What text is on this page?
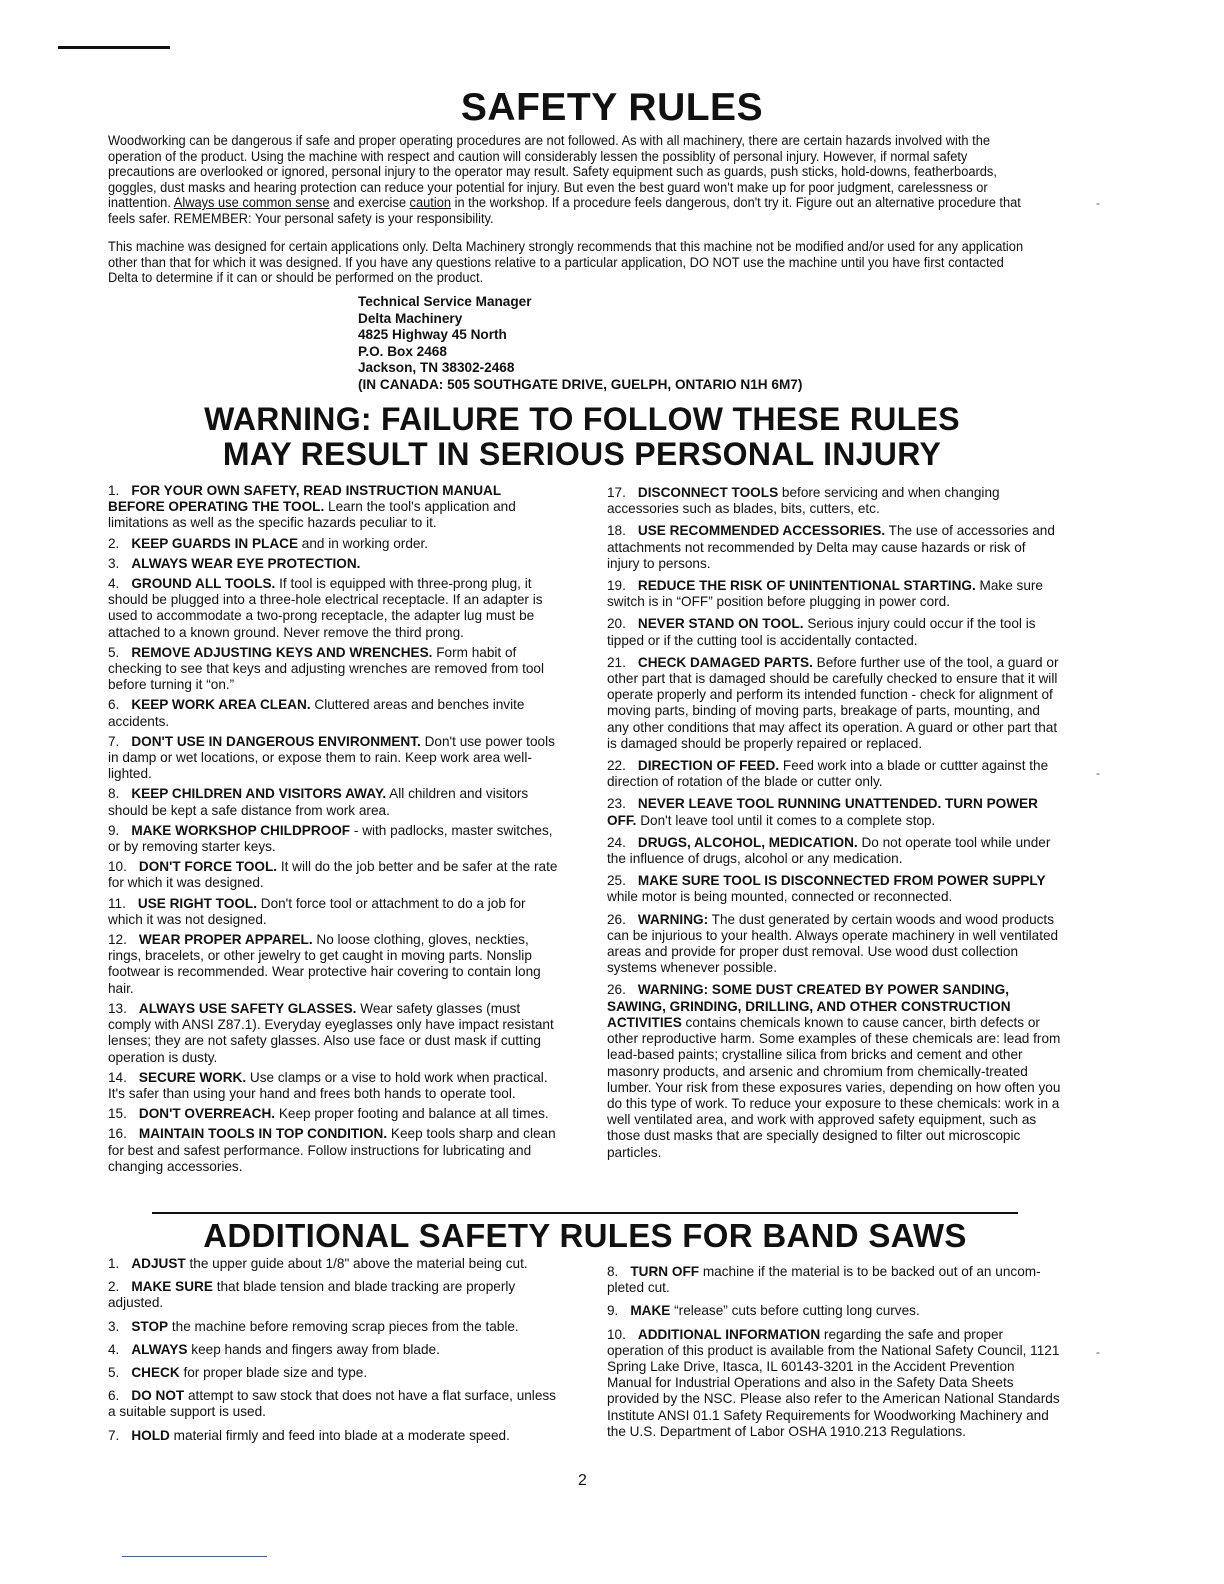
SAFETY RULES

Woodworking can be dangerous if safe and proper operating procedures are not followed. As with all machinery, there are certain hazards involved with the operation of the product. Using the machine with respect and caution will considerably lessen the possiblity of personal injury. However, if normal safety precautions are overlooked or ignored, personal injury to the operator may result. Safety equipment such as guards, push sticks, hold-downs, featherboards, goggles, dust masks and hearing protection can reduce your potential for injury. But even the best guard won't make up for poor judgment, carelessness or inattention. Always use common sense and exercise caution in the workshop. If a procedure feels dangerous, don't try it. Figure out an alternative procedure that feels safer. REMEMBER: Your personal safety is your responsibility.

This machine was designed for certain applications only. Delta Machinery strongly recommends that this machine not be modified and/or used for any application other than that for which it was designed. If you have any questions relative to a particular application, DO NOT use the machine until you have first contacted Delta to determine if it can or should be performed on the product.

Technical Service Manager
Delta Machinery
4825 Highway 45 North
P.O. Box 2468
Jackson, TN 38302-2468
(IN CANADA: 505 SOUTHGATE DRIVE, GUELPH, ONTARIO N1H 6M7)
WARNING: FAILURE TO FOLLOW THESE RULES
MAY RESULT IN SERIOUS PERSONAL INJURY

1. FOR YOUR OWN SAFETY, READ INSTRUCTION MANUAL BEFORE OPERATING THE TOOL. Learn the tool's application and limitations as well as the specific hazards peculiar to it.

2. KEEP GUARDS IN PLACE and in working order.

3. ALWAYS WEAR EYE PROTECTION.

4. GROUND ALL TOOLS. If tool is equipped with three-prong plug, it should be plugged into a three-hole electrical receptacle. If an adapter is used to accommodate a two-prong receptacle, the adapter lug must be attached to a known ground. Never remove the third prong.

5. REMOVE ADJUSTING KEYS AND WRENCHES. Form habit of checking to see that keys and adjusting wrenches are removed from tool before turning it “on.”

6. KEEP WORK AREA CLEAN. Cluttered areas and benches invite accidents.

7. DON'T USE IN DANGEROUS ENVIRONMENT. Don't use power tools in damp or wet locations, or expose them to rain. Keep work area well-lighted.

8. KEEP CHILDREN AND VISITORS AWAY. All children and visitors should be kept a safe distance from work area.

9. MAKE WORKSHOP CHILDPROOF - with padlocks, master switches, or by removing starter keys.

10. DON'T FORCE TOOL. It will do the job better and be safer at the rate for which it was designed.

11. USE RIGHT TOOL. Don't force tool or attachment to do a job for which it was not designed.

12. WEAR PROPER APPAREL. No loose clothing, gloves, neckties, rings, bracelets, or other jewelry to get caught in moving parts. Nonslip footwear is recommended. Wear protective hair covering to contain long hair.

13. ALWAYS USE SAFETY GLASSES. Wear safety glasses (must comply with ANSI Z87.1). Everyday eyeglasses only have impact resistant lenses; they are not safety glasses. Also use face or dust mask if cutting operation is dusty.

14. SECURE WORK. Use clamps or a vise to hold work when practical. It's safer than using your hand and frees both hands to operate tool.

15. DON'T OVERREACH. Keep proper footing and balance at all times.

16. MAINTAIN TOOLS IN TOP CONDITION. Keep tools sharp and clean for best and safest performance. Follow instructions for lubricating and changing accessories.

17. DISCONNECT TOOLS before servicing and when changing accessories such as blades, bits, cutters, etc.

18. USE RECOMMENDED ACCESSORIES. The use of accessories and attachments not recommended by Delta may cause hazards or risk of injury to persons.

19. REDUCE THE RISK OF UNINTENTIONAL STARTING. Make sure switch is in “OFF” position before plugging in power cord.

20. NEVER STAND ON TOOL. Serious injury could occur if the tool is tipped or if the cutting tool is accidentally contacted.

21. CHECK DAMAGED PARTS. Before further use of the tool, a guard or other part that is damaged should be carefully checked to ensure that it will operate properly and perform its intended function - check for alignment of moving parts, binding of moving parts, breakage of parts, mounting, and any other conditions that may affect its operation. A guard or other part that is damaged should be properly repaired or replaced.

22. DIRECTION OF FEED. Feed work into a blade or cuttter against the direction of rotation of the blade or cutter only.

23. NEVER LEAVE TOOL RUNNING UNATTENDED. TURN POWER OFF. Don't leave tool until it comes to a complete stop.

24. DRUGS, ALCOHOL, MEDICATION. Do not operate tool while under the influence of drugs, alcohol or any medication.

25. MAKE SURE TOOL IS DISCONNECTED FROM POWER SUPPLY while motor is being mounted, connected or reconnected.

26. WARNING: The dust generated by certain woods and wood products can be injurious to your health. Always operate machinery in well ventilated areas and provide for proper dust removal. Use wood dust collection systems whenever possible.

26. WARNING: SOME DUST CREATED BY POWER SANDING, SAWING, GRINDING, DRILLING, AND OTHER CONSTRUCTION ACTIVITIES contains chemicals known to cause cancer, birth defects or other reproductive harm. Some examples of these chemicals are: lead from lead-based paints; crystalline silica from bricks and cement and other masonry products, and arsenic and chromium from chemically-treated lumber. Your risk from these exposures varies, depending on how often you do this type of work. To reduce your exposure to these chemicals: work in a well ventilated area, and work with approved safety equipment, such as those dust masks that are specially designed to filter out microscopic particles.

ADDITIONAL SAFETY RULES FOR BAND SAWS

1. ADJUST the upper guide about 1/8" above the material being cut.

2. MAKE SURE that blade tension and blade tracking are properly adjusted.

3. STOP the machine before removing scrap pieces from the table.

4. ALWAYS keep hands and fingers away from blade.

5. CHECK for proper blade size and type.

6. DO NOT attempt to saw stock that does not have a flat surface, unless a suitable support is used.

7. HOLD material firmly and feed into blade at a moderate speed.

8. TURN OFF machine if the material is to be backed out of an uncom-pleted cut.

9. MAKE “release” cuts before cutting long curves.

10. ADDITIONAL INFORMATION regarding the safe and proper operation of this product is available from the National Safety Council, 1121 Spring Lake Drive, Itasca, IL 60143-3201 in the Accident Prevention Manual for Industrial Operations and also in the Safety Data Sheets provided by the NSC. Please also refer to the American National Standards Institute ANSI 01.1 Safety Requirements for Woodworking Machinery and the U.S. Department of Labor OSHA 1910.213 Regulations.

2
-
-
-
